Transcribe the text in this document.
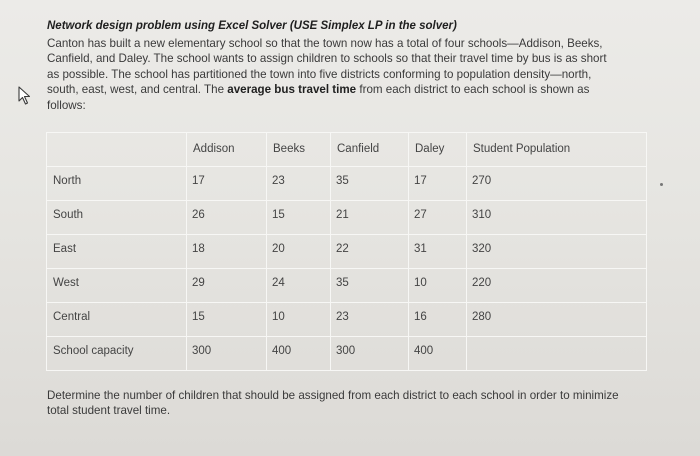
Network design problem using Excel Solver (USE Simplex LP in the solver)
Canton has built a new elementary school so that the town now has a total of four schools—Addison, Beeks, Canfield, and Daley. The school wants to assign children to schools so that their travel time by bus is as short as possible. The school has partitioned the town into five districts conforming to population density—north, south, east, west, and central. The average bus travel time from each district to each school is shown as follows:

	Addison	Beeks	Canfield	Daley	Student Population

North	17	23	35	17	270

South	26	15	21	27	310

East	18	20	22	31	320

West	29	24	35	10	220

Central	15	10	23	16	280

School capacity	300	400	300	400	

Determine the number of children that should be assigned from each district to each school in order to minimize total student travel time.
